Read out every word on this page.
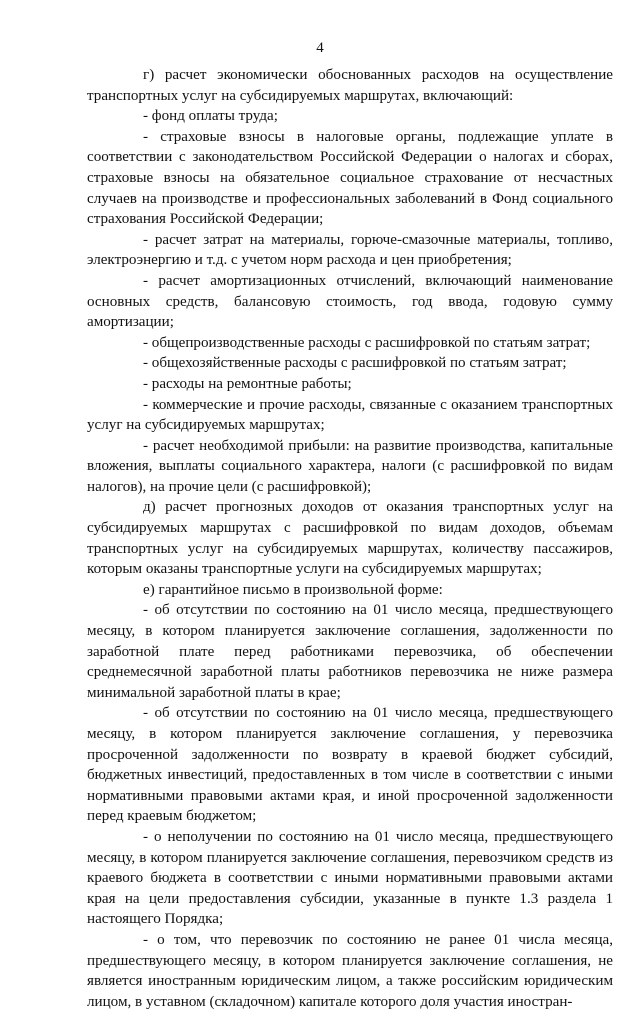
4

г) расчет экономически обоснованных расходов на осуществление транспортных услуг на субсидируемых маршрутах, включающий:

- фонд оплаты труда;

- страховые взносы в налоговые органы, подлежащие уплате в соответствии с законодательством Российской Федерации о налогах и сборах, страховые взносы на обязательное социальное страхование от несчастных случаев на производстве и профессиональных заболеваний в Фонд социального страхования Российской Федерации;

- расчет затрат на материалы, горюче-смазочные материалы, топливо, электроэнергию и т.д. с учетом норм расхода и цен приобретения;

- расчет амортизационных отчислений, включающий наименование основных средств, балансовую стоимость, год ввода, годовую сумму амортизации;

- общепроизводственные расходы с расшифровкой по статьям затрат;

- общехозяйственные расходы с расшифровкой по статьям затрат;

- расходы на ремонтные работы;

- коммерческие и прочие расходы, связанные с оказанием транспортных услуг на субсидируемых маршрутах;

- расчет необходимой прибыли: на развитие производства, капитальные вложения, выплаты социального характера, налоги (с расшифровкой по видам налогов), на прочие цели (с расшифровкой);

д) расчет прогнозных доходов от оказания транспортных услуг на субсидируемых маршрутах с расшифровкой по видам доходов, объемам транспортных услуг на субсидируемых маршрутах, количеству пассажиров, которым оказаны транспортные услуги на субсидируемых маршрутах;

е) гарантийное письмо в произвольной форме:

- об отсутствии по состоянию на 01 число месяца, предшествующего месяцу, в котором планируется заключение соглашения, задолженности по заработной плате перед работниками перевозчика, об обеспечении среднемесячной заработной платы работников перевозчика не ниже размера минимальной заработной платы в крае;

- об отсутствии по состоянию на 01 число месяца, предшествующего месяцу, в котором планируется заключение соглашения, у перевозчика просроченной задолженности по возврату в краевой бюджет субсидий, бюджетных инвестиций, предоставленных в том числе в соответствии с иными нормативными правовыми актами края, и иной просроченной задолженности перед краевым бюджетом;

- о неполучении по состоянию на 01 число месяца, предшествующего месяцу, в котором планируется заключение соглашения, перевозчиком средств из краевого бюджета в соответствии с иными нормативными правовыми актами края на цели предоставления субсидии, указанные в пункте 1.3 раздела 1 настоящего Порядка;

- о том, что перевозчик по состоянию не ранее 01 числа месяца, предшествующего месяцу, в котором планируется заключение соглашения, не является иностранным юридическим лицом, а также российским юридическим лицом, в уставном (складочном) капитале которого доля участия иностран-
